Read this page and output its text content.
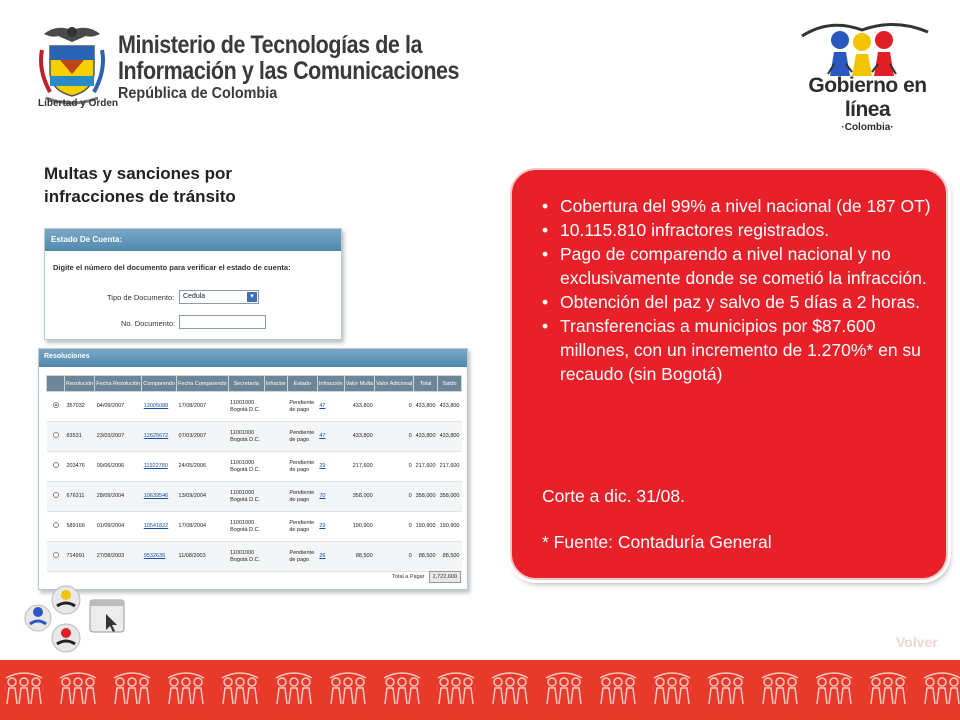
Libertad y Orden
Ministerio de Tecnologías de la
Información y las Comunicaciones
República de Colombia	Gobierno en línea
·Colombia·
Multas y sanciones por
infracciones de tránsito
Estado De Cuenta:
Digite el número del documento para verificar el estado de cuenta:
Tipo de Documento:	Cedula	▾
No. Documento:
Resoluciones
	Resolución	Fecha Resolución	Comparendo	Fecha Comparendo	Secretaría	Infractor	Estado	Infracción	Valor Multa	Valor Adicional	Total	Saldo
	357032	04/09/2007	13005088	17/08/2007	11001000 Bogotá D.C.		Pendiente de pago	47	433,800	0	433,800	433,800
	83531	23/03/2007	12625672	07/03/2007	11001000 Bogotá D.C.		Pendiente de pago	47	433,800	0	433,800	433,800
	203476	09/06/2006	11922780	24/05/2006	11001000 Bogotá D.C.		Pendiente de pago	29	217,600	0	217,600	217,600
	676311	28/09/2004	10639546	13/09/2004	11001000 Bogotá D.C.		Pendiente de pago	70	358,000	0	358,000	358,000
	589166	01/09/2004	10541822	17/08/2004	11001000 Bogotá D.C.		Pendiente de pago	29	190,900	0	190,900	190,900
	714991	27/08/2003	9532636	11/08/2003	11001000 Bogotá D.C.		Pendiente de pago	26	88,500	0	88,500	88,500
Total a Pagar	1,722,600
• Cobertura del 99% a nivel nacional (de 187 OT)
• 10.115.810 infractores registrados.
• Pago de comparendo a nivel nacional y no exclusivamente donde se cometió la infracción.
• Obtención del paz y salvo de 5 días a 2 horas.
• Transferencias a municipios por $87.600 millones, con un incremento de 1.270%* en su recaudo (sin Bogotá)
Corte a dic. 31/08.
* Fuente: Contaduría General
Volver
